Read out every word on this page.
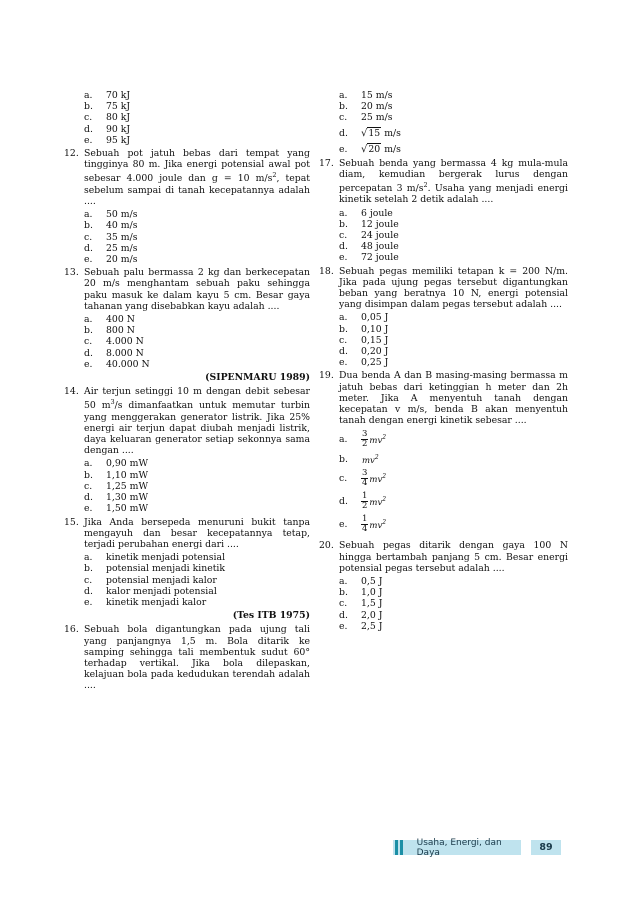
a.	70 kJ
b.	75 kJ
c.	80 kJ
d.	90 kJ
e.	95 kJ
12. Sebuah pot jatuh bebas dari tempat yang tingginya 80 m. Jika energi potensial awal pot sebesar 4.000 joule dan g = 10 $m/s^2$, tepat sebelum sampai di tanah kecepatannya adalah ....
a.	50 m/s
b.	40 m/s
c.	35 m/s
d.	25 m/s
e.	20 m/s
13. Sebuah palu bermassa 2 kg dan berkecepatan 20 m/s menghantam sebuah paku sehingga paku masuk ke dalam kayu 5 cm. Besar gaya tahanan yang disebabkan kayu adalah ....
a.	400 N
b.	800 N
c.	4.000 N
d.	8.000 N
e.	40.000 N
(SIPENMARU 1989)
14. Air terjun setinggi 10 m dengan debit sebesar 50 $m^3/s$ dimanfaatkan untuk memutar turbin yang menggerakan generator listrik. Jika 25% energi air terjun dapat diubah menjadi listrik, daya keluaran generator setiap sekonnya sama dengan ....
a.	0,90 mW
b.	1,10 mW
c.	1,25 mW
d.	1,30 mW
e.	1,50 mW
15. Jika Anda bersepeda menuruni bukit tanpa mengayuh dan besar kecepatannya tetap, terjadi perubahan energi dari ....
a.	kinetik menjadi potensial
b.	potensial menjadi kinetik
c.	potensial menjadi kalor
d.	kalor menjadi potensial
e.	kinetik menjadi kalor
(Tes ITB 1975)
16. Sebuah bola digantungkan pada ujung tali yang panjangnya 1,5 m. Bola ditarik ke samping sehingga tali membentuk sudut 60° terhadap vertikal. Jika bola dilepaskan, kelajuan bola pada kedudukan terendah adalah ....
a.	15 m/s
b.	20 m/s
c.	25 m/s
d.	√ 15
m/s
e.	√ 20
m/s
17. Sebuah benda yang bermassa 4 kg mula-mula diam, kemudian bergerak lurus dengan percepatan 3 $m/s^2$. Usaha yang menjadi energi kinetik setelah 2 detik adalah ....
a.	6 joule
b.	12 joule
c.	24 joule
d.	48 joule
e.	72 joule
18. Sebuah pegas memiliki tetapan k = 200 N/m. Jika pada ujung pegas tersebut digantungkan beban yang beratnya 10 N, energi potensial yang disimpan dalam pegas tersebut adalah ....
a.	0,05 J
b.	0,10 J
c.	0,15 J
d.	0,20 J
e.	0,25 J
19. Dua benda A dan B masing-masing bermassa m jatuh bebas dari ketinggian h meter dan 2h meter. Jika A menyentuh tanah dengan kecepatan v m/s, benda B akan menyentuh tanah dengan energi kinetik sebesar ....
a.	$\frac{3}{2} mv^2$
b.	$mv^2$
c.	$\frac{3}{4} mv^2$
d.	$\frac{1}{2} mv^2$
e.	$\frac{1}{4} mv^2$
20. Sebuah pegas ditarik dengan gaya 100 N hingga bertambah panjang 5 cm. Besar energi potensial pegas tersebut adalah ....
a.	0,5 J
b.	1,0 J
c.	1,5 J
d.	2,0 J
e.	2,5 J
Usaha, Energi, dan Daya	89
